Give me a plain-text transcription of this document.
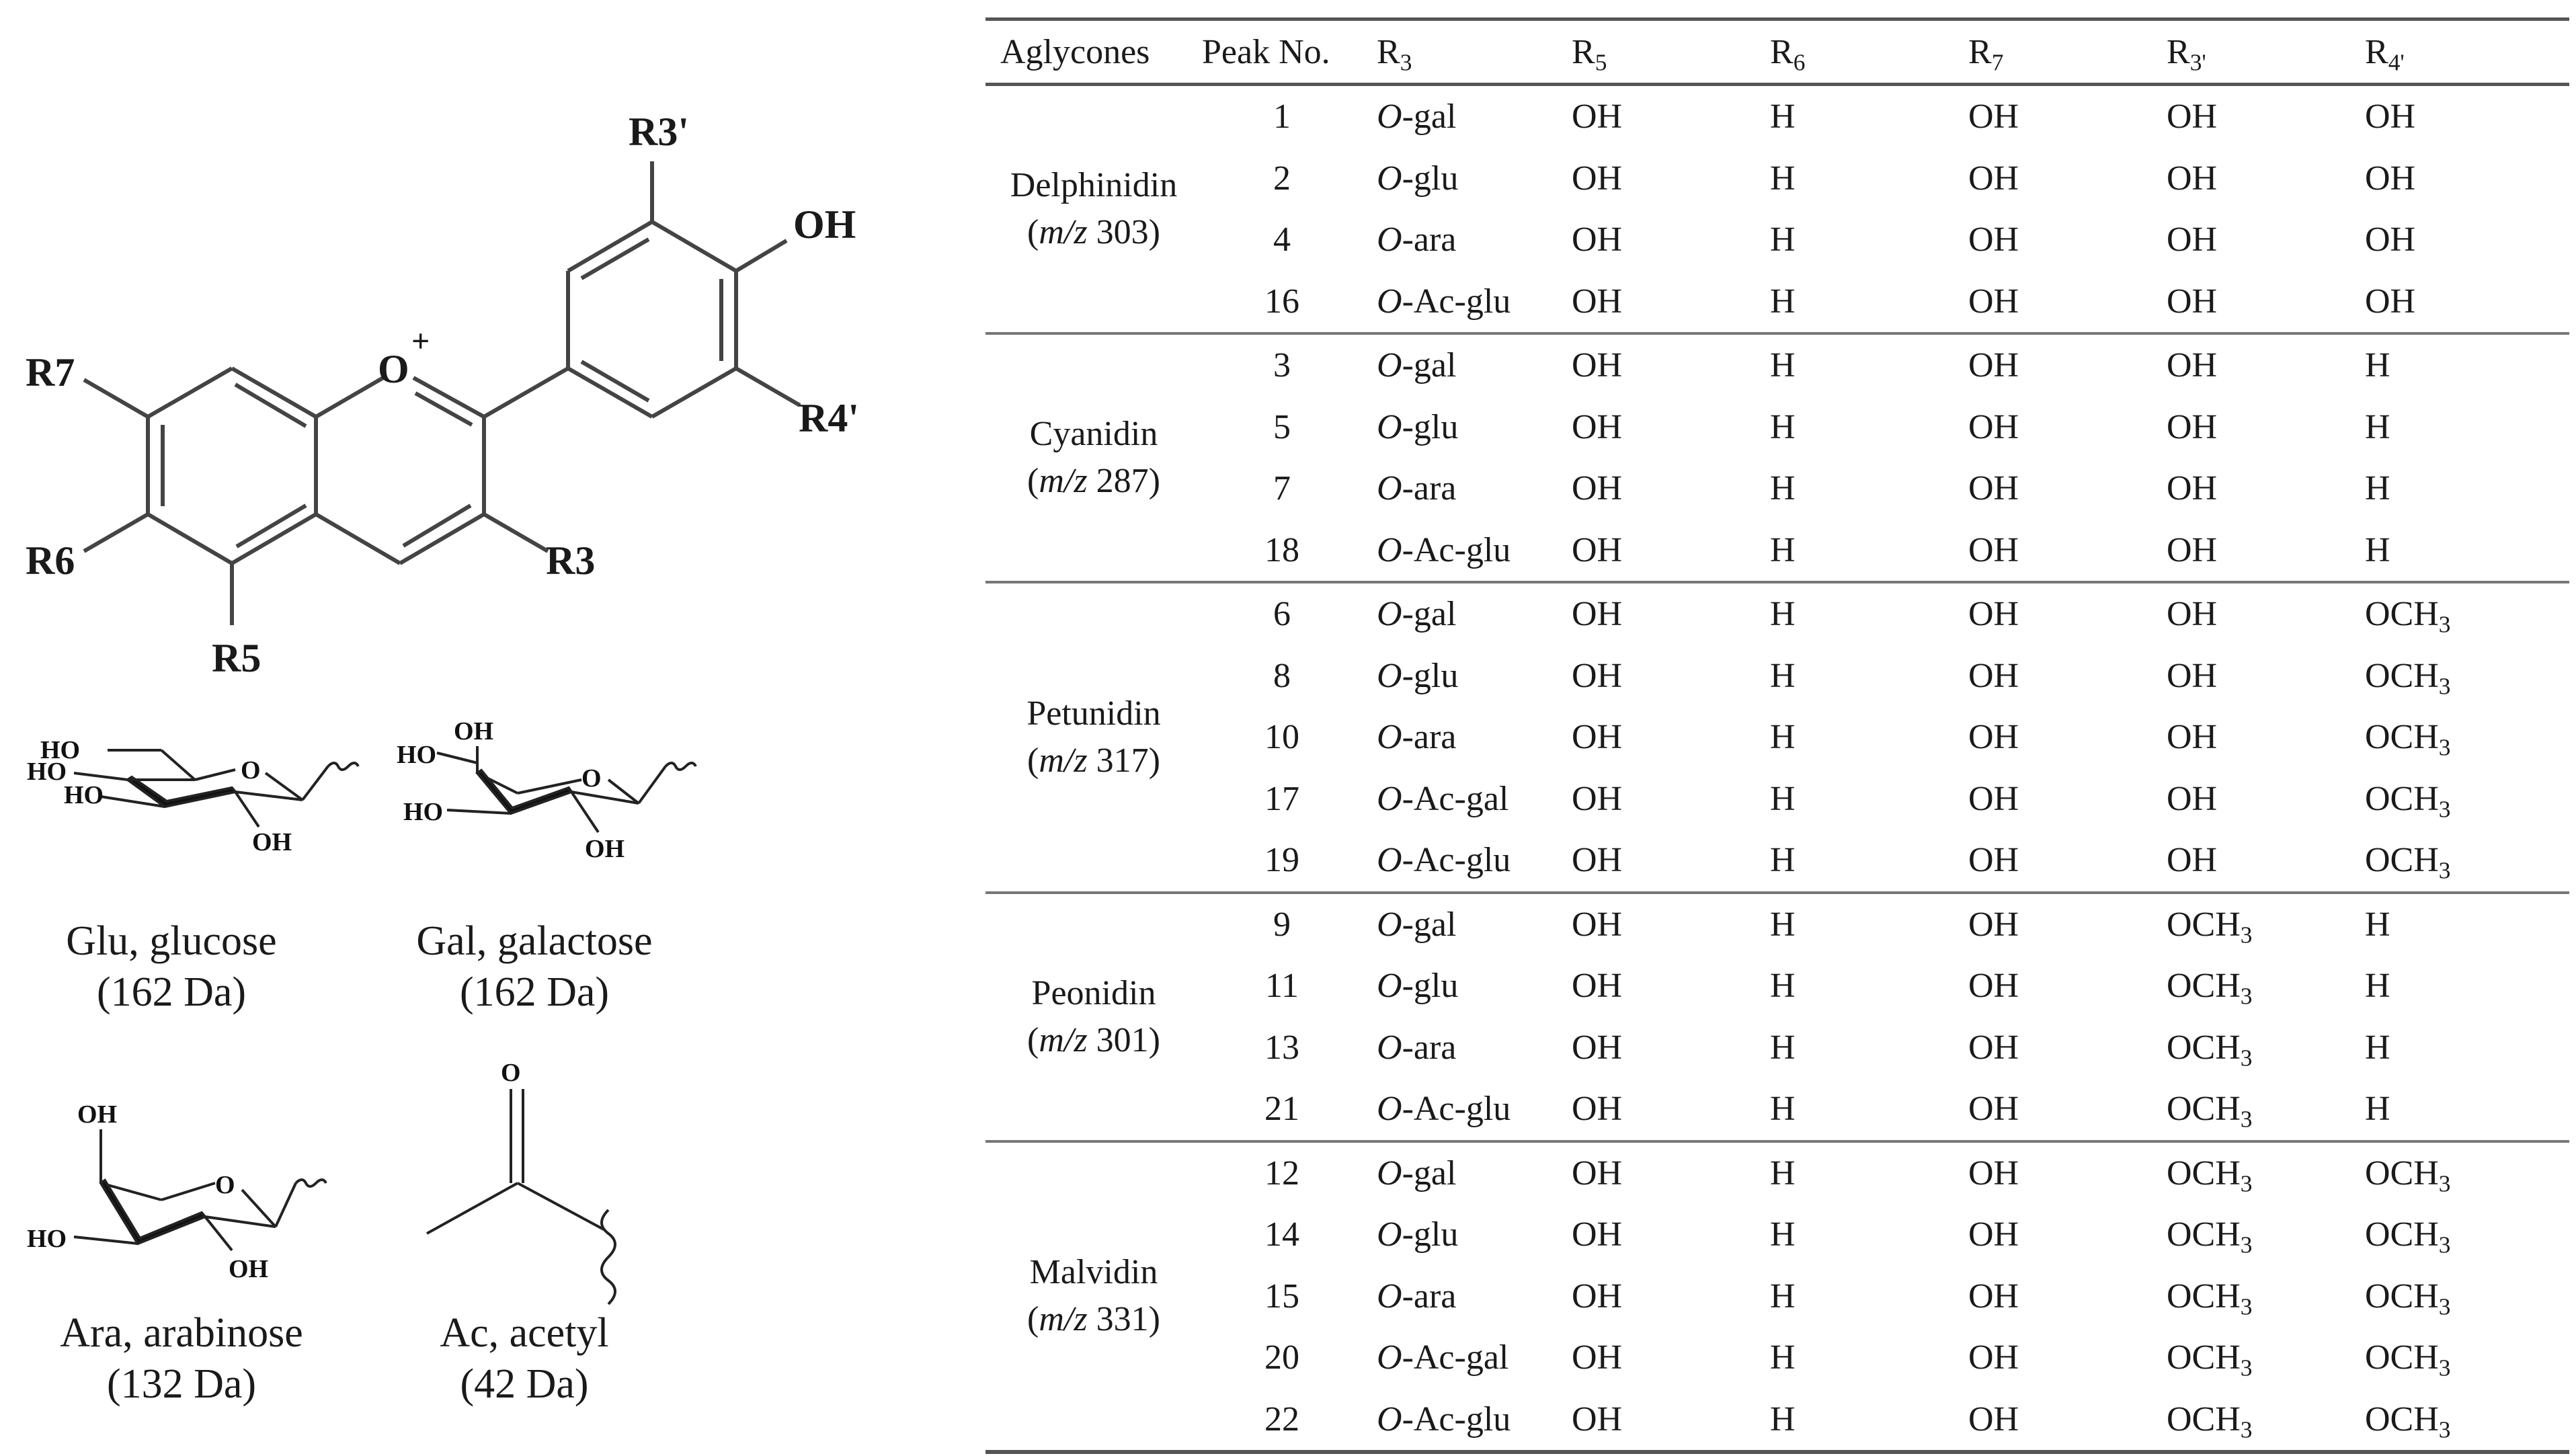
R3'
OH
R4'
R7
R6
R5
R3
O
+
HO
HO
HO
O
OH
OH
HO
HO
O
OH
OH
O
HO
OH
O
Glu, glucose
(162 Da)
Gal, galactose
(162 Da)
Ara, arabinose
(132 Da)
Ac, acetyl
(42 Da)
Aglycones	Peak No.	$R_3$	$R_5$	$R_6$	$R_7$	$R_{3'}$	$R_{4'}$

Delphinidin
(m/z 303)	1	O-gal	OH	H	OH	OH	OH
	2	O-glu	OH	H	OH	OH	OH
	4	O-ara	OH	H	OH	OH	OH
	16	O-Ac-glu	OH	H	OH	OH	OH

Cyanidin
(m/z 287)	3	O-gal	OH	H	OH	OH	H
	5	O-glu	OH	H	OH	OH	H
	7	O-ara	OH	H	OH	OH	H
	18	O-Ac-glu	OH	H	OH	OH	H

Petunidin
(m/z 317)	6	O-gal	OH	H	OH	OH	$OCH_3$
	8	O-glu	OH	H	OH	OH	$OCH_3$
	10	O-ara	OH	H	OH	OH	$OCH_3$
	17	O-Ac-gal	OH	H	OH	OH	$OCH_3$
	19	O-Ac-glu	OH	H	OH	OH	$OCH_3$

Peonidin
(m/z 301)	9	O-gal	OH	H	OH	$OCH_3$	H
	11	O-glu	OH	H	OH	$OCH_3$	H
	13	O-ara	OH	H	OH	$OCH_3$	H
	21	O-Ac-glu	OH	H	OH	$OCH_3$	H

Malvidin
(m/z 331)	12	O-gal	OH	H	OH	$OCH_3$	$OCH_3$
	14	O-glu	OH	H	OH	$OCH_3$	$OCH_3$
	15	O-ara	OH	H	OH	$OCH_3$	$OCH_3$
	20	O-Ac-gal	OH	H	OH	$OCH_3$	$OCH_3$
	22	O-Ac-glu	OH	H	OH	$OCH_3$	$OCH_3$
